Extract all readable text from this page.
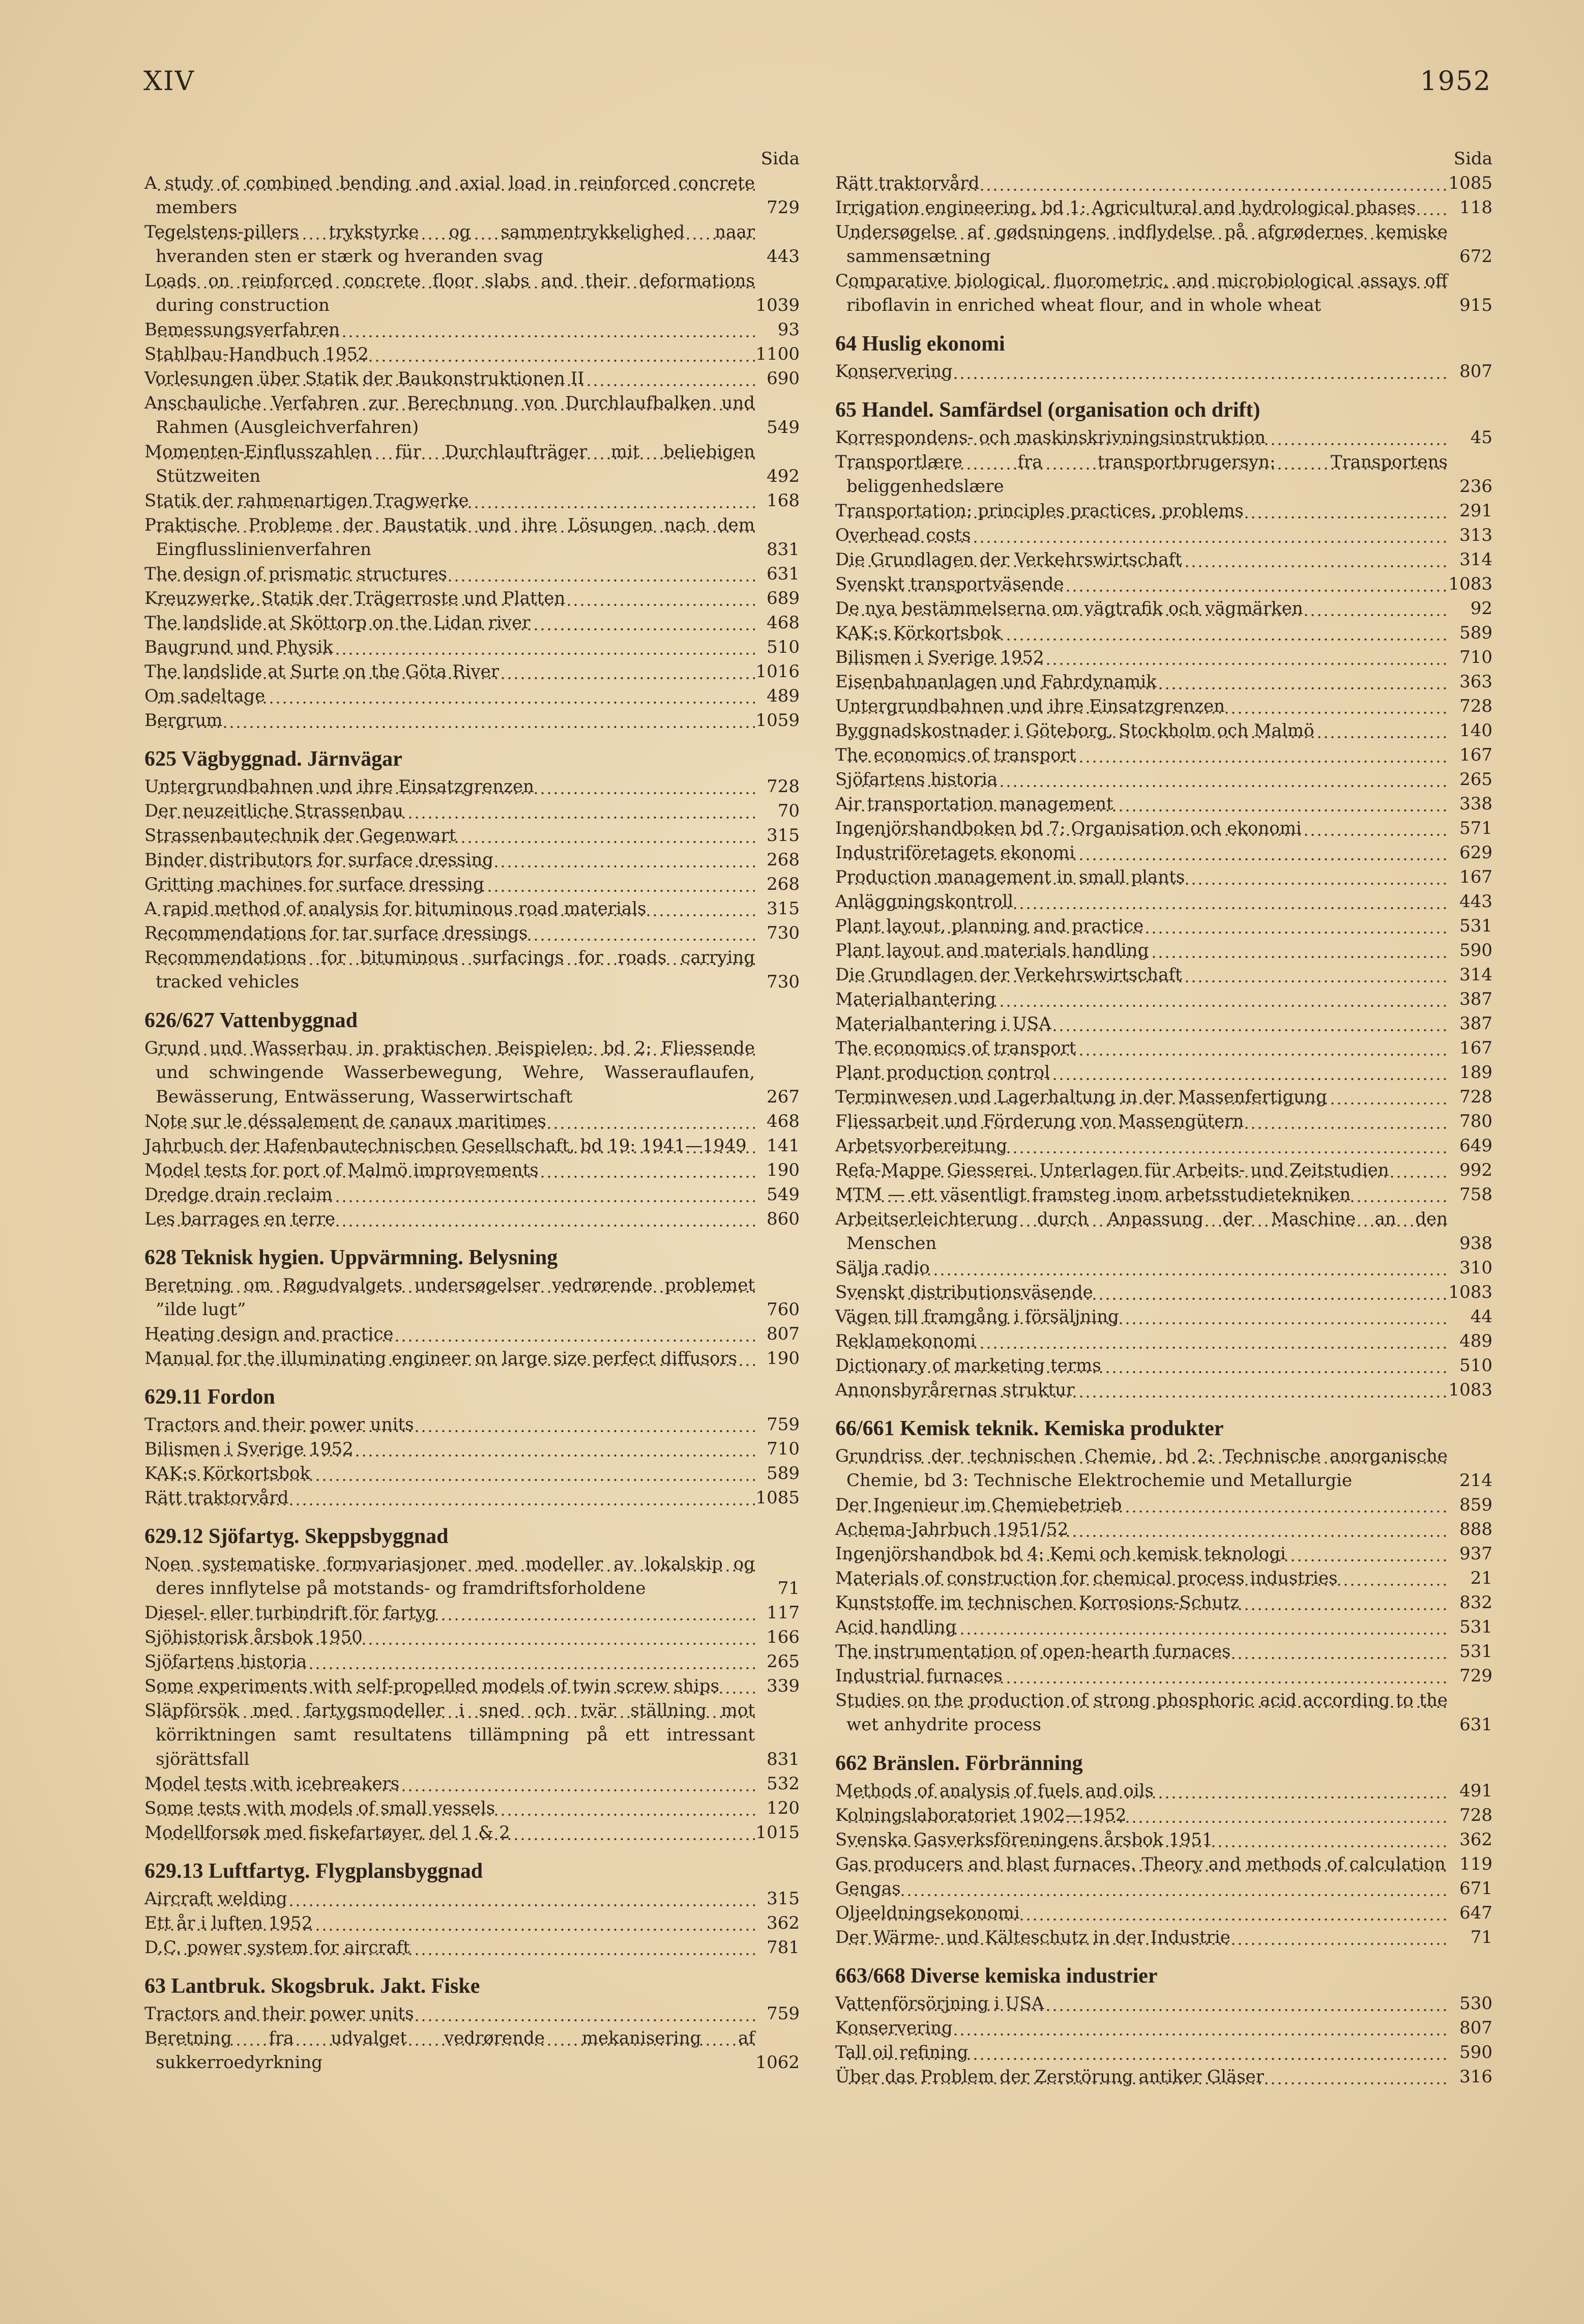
XIV	1952
Sida
A study of combined bending and axial load in reinforced concrete members	729
Tegelstens-pillers trykstyrke og sammentrykkelighed naar hveranden sten er stærk og hveranden svag	443
Loads on reinforced concrete floor slabs and their deformations during construction	1039
Bemessungsverfahren	93
Stahlbau-Handbuch 1952	1100
Vorlesungen über Statik der Baukonstruktionen II	690
Anschauliche Verfahren zur Berechnung von Durchlaufbalken und Rahmen (Ausgleichverfahren)	549
Momenten-Einflusszahlen für Durchlaufträger mit beliebigen Stützweiten	492
Statik der rahmenartigen Tragwerke	168
Praktische Probleme der Baustatik und ihre Lösungen nach dem Eingflusslinienverfahren	831
The design of prismatic structures	631
Kreuzwerke, Statik der Trägerroste und Platten	689
The landslide at Sköttorp on the Lidan river	468
Baugrund und Physik	510
The landslide at Surte on the Göta River	1016
Om sadeltage	489
Bergrum	1059
625 Vägbyggnad. Järnvägar
Untergrundbahnen und ihre Einsatzgrenzen	728
Der neuzeitliche Strassenbau	70
Strassenbautechnik der Gegenwart	315
Binder distributors for surface dressing	268
Gritting machines for surface dressing	268
A rapid method of analysis for bituminous road materials	315
Recommendations for tar surface dressings	730
Recommendations for bituminous surfacings for roads carrying tracked vehicles	730
626/627 Vattenbyggnad
Grund und Wasserbau in praktischen Beispielen: bd 2: Fliessende und schwingende Wasserbewegung, Wehre, Wasserauflaufen, Bewässerung, Entwässerung, Wasserwirtschaft	267
Note sur le déssalement de canaux maritimes	468
Jahrbuch der Hafenbautechnischen Gesellschaft, bd 19: 1941—1949	141
Model tests for port of Malmö improvements	190
Dredge drain reclaim	549
Les barrages en terre	860
628 Teknisk hygien. Uppvärmning. Belysning
Beretning om Røgudvalgets undersøgelser vedrørende problemet ”ilde lugt”	760
Heating design and practice	807
Manual for the illuminating engineer on large size perfect diffusors	190
629.11 Fordon
Tractors and their power units	759
Bilismen i Sverige 1952	710
KAK:s Körkortsbok	589
Rätt traktorvård	1085
629.12 Sjöfartyg. Skeppsbyggnad
Noen systematiske formvariasjoner med modeller av lokalskip og deres innflytelse på motstands- og framdriftsforholdene	71
Diesel- eller turbindrift för fartyg	117
Sjöhistorisk årsbok 1950	166
Sjöfartens historia	265
Some experiments with self-propelled models of twin screw ships	339
Släpförsök med fartygsmodeller i sned och tvär ställning mot körriktningen samt resultatens tillämpning på ett intressant sjörättsfall	831
Model tests with icebreakers	532
Some tests with models of small vessels	120
Modellforsøk med fiskefartøyer, del 1 & 2	1015
629.13 Luftfartyg. Flygplansbyggnad
Aircraft welding	315
Ett år i luften 1952	362
D.C. power system for aircraft	781
63 Lantbruk. Skogsbruk. Jakt. Fiske
Tractors and their power units	759
Beretning fra udvalget vedrørende mekanisering af sukkerroedyrkning	1062
Sida
Rätt traktorvård	1085
Irrigation engineering, bd 1: Agricultural and hydrological phases	118
Undersøgelse af gødsningens indflydelse på afgrødernes kemiske sammensætning	672
Comparative biological, fluorometric, and microbiological assays off riboflavin in enriched wheat flour, and in whole wheat	915
64 Huslig ekonomi
Konservering	807
65 Handel. Samfärdsel (organisation och drift)
Korrespondens- och maskinskrivningsinstruktion	45
Transportlære fra transportbrugersyn: Transportens beliggenhedslære	236
Transportation: principles practices, problems	291
Overhead costs	313
Die Grundlagen der Verkehrswirtschaft	314
Svenskt transportväsende	1083
De nya bestämmelserna om vägtrafik och vägmärken	92
KAK:s Körkortsbok	589
Bilismen i Sverige 1952	710
Eisenbahnanlagen und Fahrdynamik	363
Untergrundbahnen und ihre Einsatzgrenzen	728
Byggnadskostnader i Göteborg, Stockholm och Malmö	140
The economics of transport	167
Sjöfartens historia	265
Air transportation management	338
Ingenjörshandboken bd 7: Organisation och ekonomi	571
Industriföretagets ekonomi	629
Production management in small plants	167
Anläggningskontroll	443
Plant layout, planning and practice	531
Plant layout and materials handling	590
Die Grundlagen der Verkehrswirtschaft	314
Materialhantering	387
Materialhantering i USA	387
The economics of transport	167
Plant production control	189
Terminwesen und Lagerhaltung in der Massenfertigung	728
Fliessarbeit und Förderung von Massengütern	780
Arbetsvorbereitung	649
Refa-Mappe Giesserei. Unterlagen für Arbeits- und Zeitstudien	992
MTM — ett väsentligt framsteg inom arbetsstudietekniken	758
Arbeitserleichterung durch Anpassung der Maschine an den Menschen	938
Sälja radio	310
Svenskt distributionsväsende	1083
Vägen till framgång i försäljning	44
Reklamekonomi	489
Dictionary of marketing terms	510
Annonsbyrårernas struktur	1083
66/661 Kemisk teknik. Kemiska produkter
Grundriss der technischen Chemie, bd 2: Technische anorganische Chemie, bd 3: Technische Elektrochemie und Metallurgie	214
Der Ingenieur im Chemiebetrieb	859
Achema-Jahrbuch 1951/52	888
Ingenjörshandbok bd 4: Kemi och kemisk teknologi	937
Materials of construction for chemical process industries	21
Kunststoffe im technischen Korrosions-Schutz	832
Acid handling	531
The instrumentation of open-hearth furnaces	531
Industrial furnaces	729
Studies on the production of strong phosphoric acid according to the wet anhydrite process	631
662 Bränslen. Förbränning
Methods of analysis of fuels and oils	491
Kolningslaboratoriet 1902—1952	728
Svenska Gasverksföreningens årsbok 1951	362
Gas producers and blast furnaces. Theory and methods of calculation 119
Gengas	671
Oljeeldningsekonomi	647
Der Wärme- und Kälteschutz in der Industrie	71
663/668 Diverse kemiska industrier
Vattenförsörjning i USA	530
Konservering	807
Tall oil refining	590
Über das Problem der Zerstörung antiker Gläser	316
